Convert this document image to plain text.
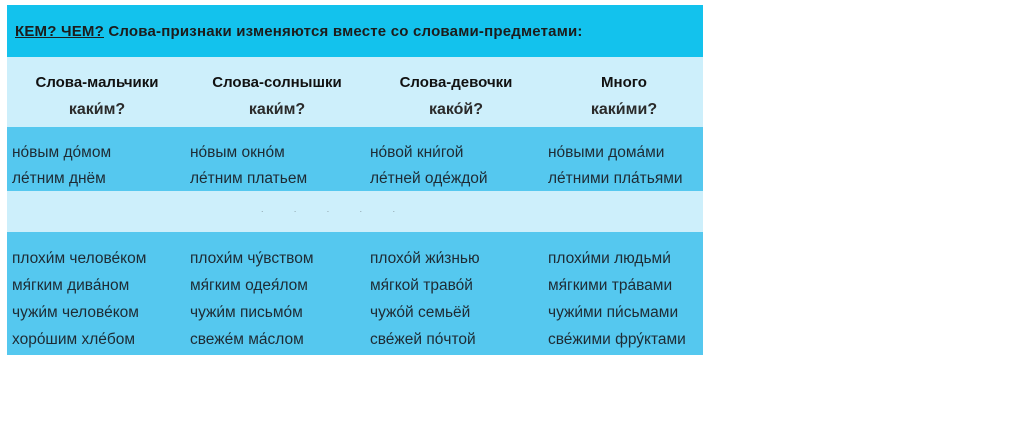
КЕМ? ЧЕМ? Слова-признаки изменяются вместе со словами-предметами:
Слова-мальчики
каки́м?
Слова-солнышки
каки́м?
Слова-девочки
како́й?
Много
каки́ми?
но́вым до́мом
ле́тним днём
но́вым окно́м
ле́тним платьем
но́вой кни́гой
ле́тней оде́ждой
но́выми дома́ми
ле́тними пла́тьями
· · · · ·
плохи́м челове́ком
мя́гким дива́ном
чужи́м челове́ком
хоро́шим хле́бом
плохи́м чу́вством
мя́гким одея́лом
чужи́м письмо́м
свеже́м ма́слом
плохо́й жи́знью
мя́гкой траво́й
чужо́й семьёй
све́жей по́чтой
плохи́ми людьми́
мя́гкими тра́вами
чужи́ми пи́сьмами
све́жими фру́ктами
